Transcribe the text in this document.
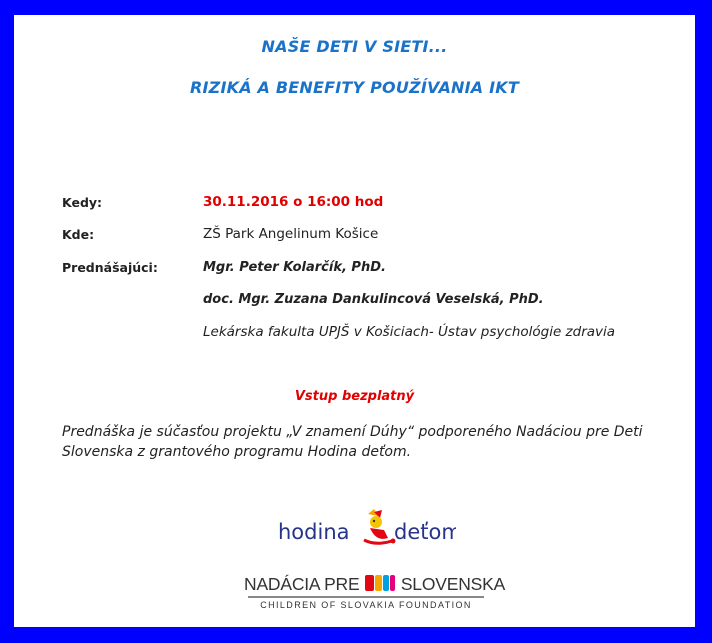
NAŠE DETI V SIETI...
RIZIKÁ A BENEFITY POUŽÍVANIA IKT
Kedy:	30.11.2016 o 16:00 hod
Kde:	ZŠ Park Angelinum Košice
Prednášajúci:	Mgr. Peter Kolarčík, PhD.
doc. Mgr. Zuzana Dankulincová Veselská, PhD.
Lekárska fakulta UPJŠ v Košiciach- Ústav psychológie zdravia
Vstup bezplatný
Prednáška je súčasťou projektu „V znamení Dúhy“ podporeného Nadáciou pre Deti Slovenska z grantového programu Hodina deťom.
hodina deťom
NADÁCIA PRE	DETI SLOVENSKA
CHILDREN OF SLOVAKIA FOUNDATION
